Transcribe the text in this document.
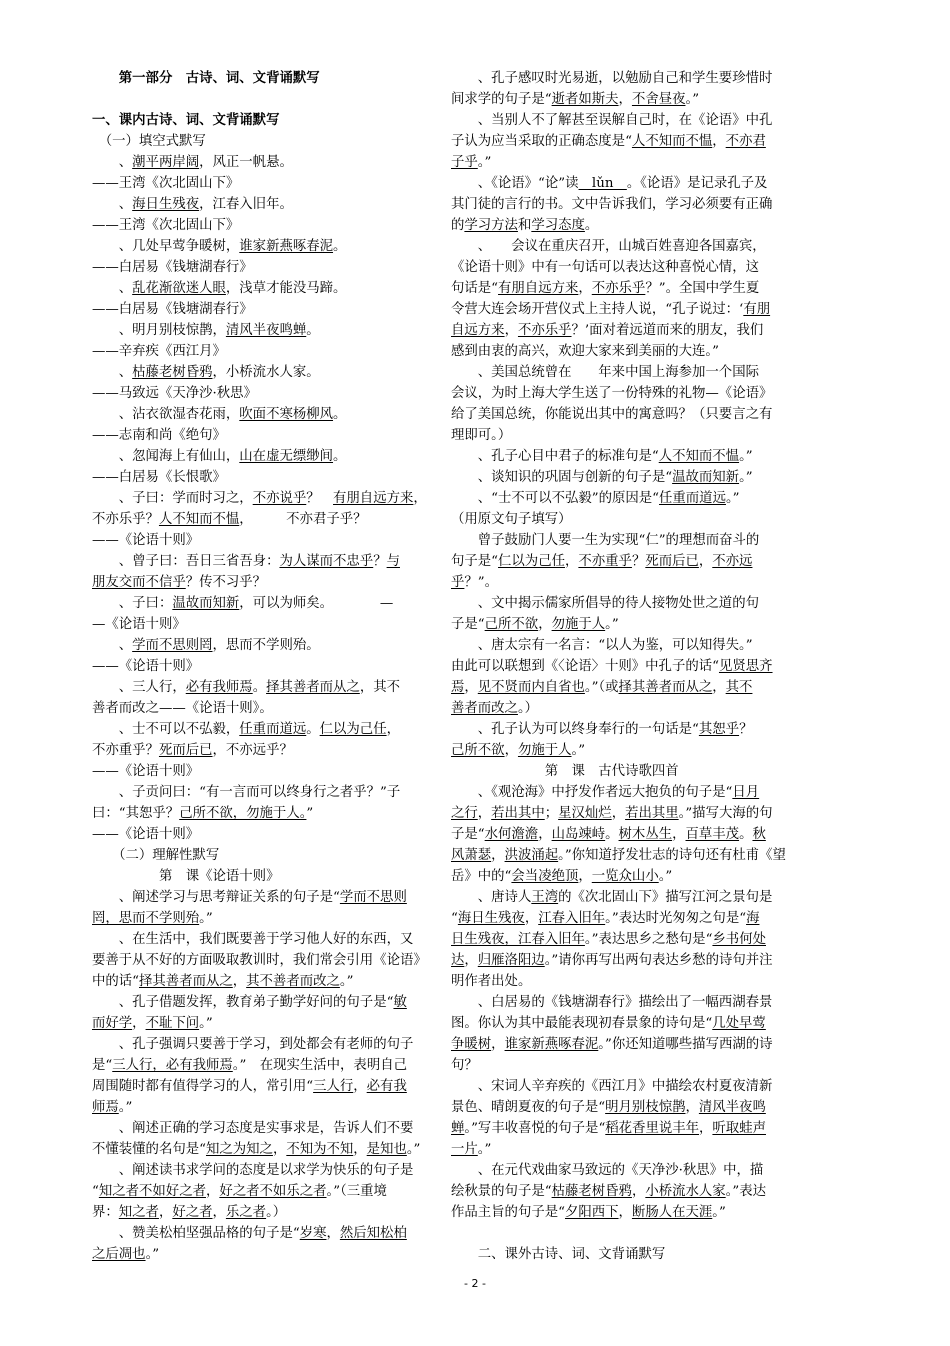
　　第一部分　古诗、词、文背诵默写
一、课内古诗、词、文背诵默写
　（一）填空式默写
　　、潮平两岸阔，风正一帆悬。
——王湾《次北固山下》
　　、海日生残夜，江春入旧年。
——王湾《次北固山下》
　　、几处早莺争暖树，谁家新燕啄春泥。
——白居易《钱塘湖春行》
　　、乱花渐欲迷人眼，浅草才能没马蹄。
——白居易《钱塘湖春行》
　　、明月别枝惊鹊，清风半夜鸣蝉。
——辛弃疾《西江月》
　　、枯藤老树昏鸦，小桥流水人家。
——马致远《天净沙·秋思》
　　、沾衣欲湿杏花雨，吹面不寒杨柳风。
——志南和尚《绝句》
　　、忽闻海上有仙山，山在虚无缥缈间。
——白居易《长恨歌》
　　、子曰：学而时习之，不亦说乎？　有朋自远方来，
不亦乐乎？人不知而不愠，　　　不亦君子乎？
——《论语十则》
　　、曾子曰：吾日三省吾身：为人谋而不忠乎？与
朋友交而不信乎？传不习乎？
　　、子曰：温故而知新，可以为师矣。　　　　—
—《论语十则》
　　、学而不思则罔，思而不学则殆。
——《论语十则》
　　、三人行，必有我师焉。择其善者而从之，其不
善者而改之——《论语十则》。
　　、士不可以不弘毅，任重而道远。仁以为己任，
不亦重乎？死而后已，不亦远乎？
——《论语十则》
　　、子贡问曰：“有一言而可以终身行之者乎？”子
曰：“其恕乎？己所不欲，勿施于人。”
——《论语十则》
　　（二）理解性默写
　　　　　第　课《论语十则》
　　、阐述学习与思考辩证关系的句子是“学而不思则
罔，思而不学则殆。”
　　、在生活中，我们既要善于学习他人好的东西，又
要善于从不好的方面吸取教训时，我们常会引用《论语》
中的话“择其善者而从之，其不善者而改之。”
　　、孔子借题发挥，教育弟子勤学好问的句子是“敏
而好学，不耻下问。”
　　、孔子强调只要善于学习，到处都会有老师的句子
是“三人行，必有我师焉。”　在现实生活中，表明自己
周围随时都有值得学习的人，常引用“三人行，必有我
师焉。”
　　、阐述正确的学习态度是实事求是，告诉人们不要
不懂装懂的名句是“知之为知之，不知为不知，是知也。”
　　、阐述读书求学问的态度是以求学为快乐的句子是
“知之者不如好之者，好之者不如乐之者。”（三重境
界：知之者，好之者，乐之者。）
　　、赞美松柏坚强品格的句子是“岁寒，然后知松柏
之后凋也。”
　　、孔子感叹时光易逝，以勉励自己和学生要珍惜时
间求学的句子是“逝者如斯夫，不舍昼夜。”
　　、当别人不了解甚至误解自己时，在《论语》中孔
子认为应当采取的正确态度是“人不知而不愠，不亦君
子乎。”
　　、《论语》“论”读　lǔn　。《论语》是记录孔子及
其门徒的言行的书。文中告诉我们，学习必须要有正确
的学习方法和学习态度。
　　、　　会议在重庆召开，山城百姓喜迎各国嘉宾，
《论语十则》中有一句话可以表达这种喜悦心情，这
句话是“有朋自远方来，不亦乐乎？”。全国中学生夏
令营大连会场开营仪式上主持人说，“孔子说过：‘有朋
自远方来，不亦乐乎？’面对着远道而来的朋友，我们
感到由衷的高兴，欢迎大家来到美丽的大连。”
　　、美国总统曾在　　年来中国上海参加一个国际
会议，为时上海大学生送了一份特殊的礼物—《论语》
给了美国总统，你能说出其中的寓意吗？（只要言之有
理即可。）
　　、孔子心目中君子的标准句是“人不知而不愠。”
　　、谈知识的巩固与创新的句子是“温故而知新。”
　　、“士不可以不弘毅”的原因是“任重而道远。”
（用原文句子填写）
　　曾子鼓励门人要一生为实现“仁”的理想而奋斗的
句子是“仁以为己任，不亦重乎？死而后已，不亦远
乎？”。
　　、文中揭示儒家所倡导的待人接物处世之道的句
子是“己所不欲，勿施于人。”
　　、唐太宗有一名言：“以人为鉴，可以知得失。”
由此可以联想到《〈论语〉十则》中孔子的话“见贤思齐
焉，见不贤而内自省也。”（或择其善者而从之，其不
善者而改之。）
　　、孔子认为可以终身奉行的一句话是“其恕乎？
己所不欲，勿施于人。”
　　　　　　　第　课　古代诗歌四首
　　、《观沧海》中抒发作者远大抱负的句子是“日月
之行，若出其中；星汉灿烂，若出其里。”描写大海的句
子是“水何澹澹，山岛竦峙。树木丛生，百草丰茂。秋
风萧瑟，洪波涌起。”你知道抒发壮志的诗句还有杜甫《望
岳》中的“会当凌绝顶，一览众山小。”
　　、唐诗人王湾的《次北固山下》描写江河之景句是
“海日生残夜，江春入旧年。”表达时光匆匆之句是“海
日生残夜，江春入旧年。”表达思乡之愁句是“乡书何处
达，归雁洛阳边。”请你再写出两句表达乡愁的诗句并注
明作者出处。
　　、白居易的《钱塘湖春行》描绘出了一幅西湖春景
图。你认为其中最能表现初春景象的诗句是“几处早莺
争暖树，谁家新燕啄春泥。”你还知道哪些描写西湖的诗
句？
　　、宋词人辛弃疾的《西江月》中描绘农村夏夜清新
景色、晴朗夏夜的句子是“明月别枝惊鹊，清风半夜鸣
蝉。”写丰收喜悦的句子是“稻花香里说丰年，听取蛙声
一片。”
　　、在元代戏曲家马致远的《天净沙·秋思》中，描
绘秋景的句子是“枯藤老树昏鸦，小桥流水人家。”表达
作品主旨的句子是“夕阳西下，断肠人在天涯。”
　　二、课外古诗、词、文背诵默写
- 2 -
